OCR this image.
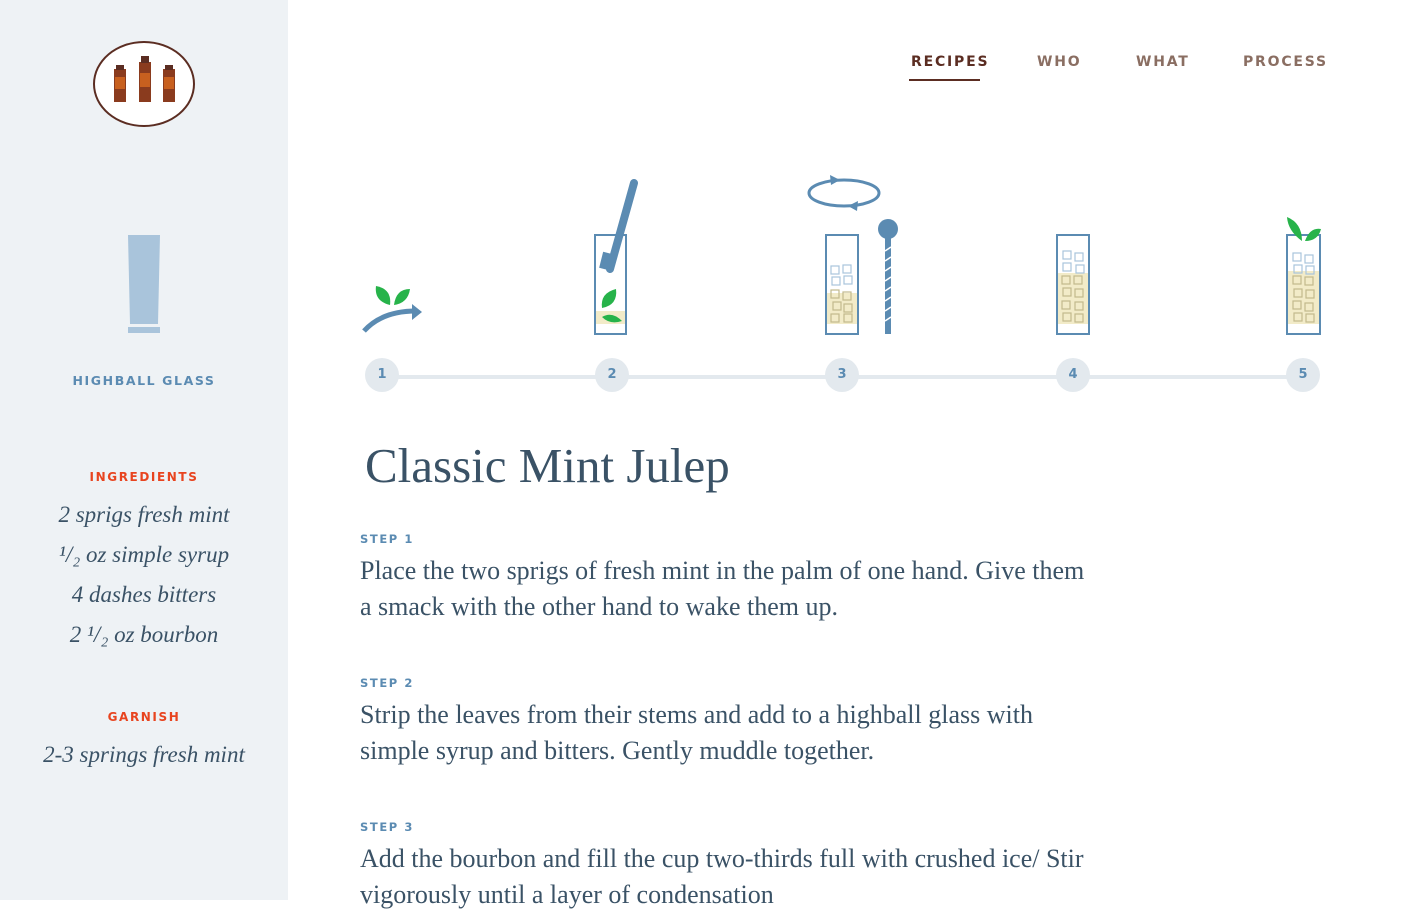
HIGHBALL GLASS
INGREDIENTS
2 sprigs fresh mint
¹/₂ oz simple syrup
4 dashes bitters
2 ¹/₂ oz bourbon
GARNISH
2-3 springs fresh mint
RECIPES	WHO	WHAT	PROCESS
1	2	3	4	5
Classic Mint Julep
STEP 1

Place the two sprigs of fresh mint in the palm of one hand. Give them a smack with the other hand to wake them up.

STEP 2

Strip the leaves from their stems and add to a highball glass with simple syrup and bitters. Gently muddle together.

STEP 3

Add the bourbon and fill the cup two-thirds full with crushed ice/ Stir vigorously until a layer of condensation
